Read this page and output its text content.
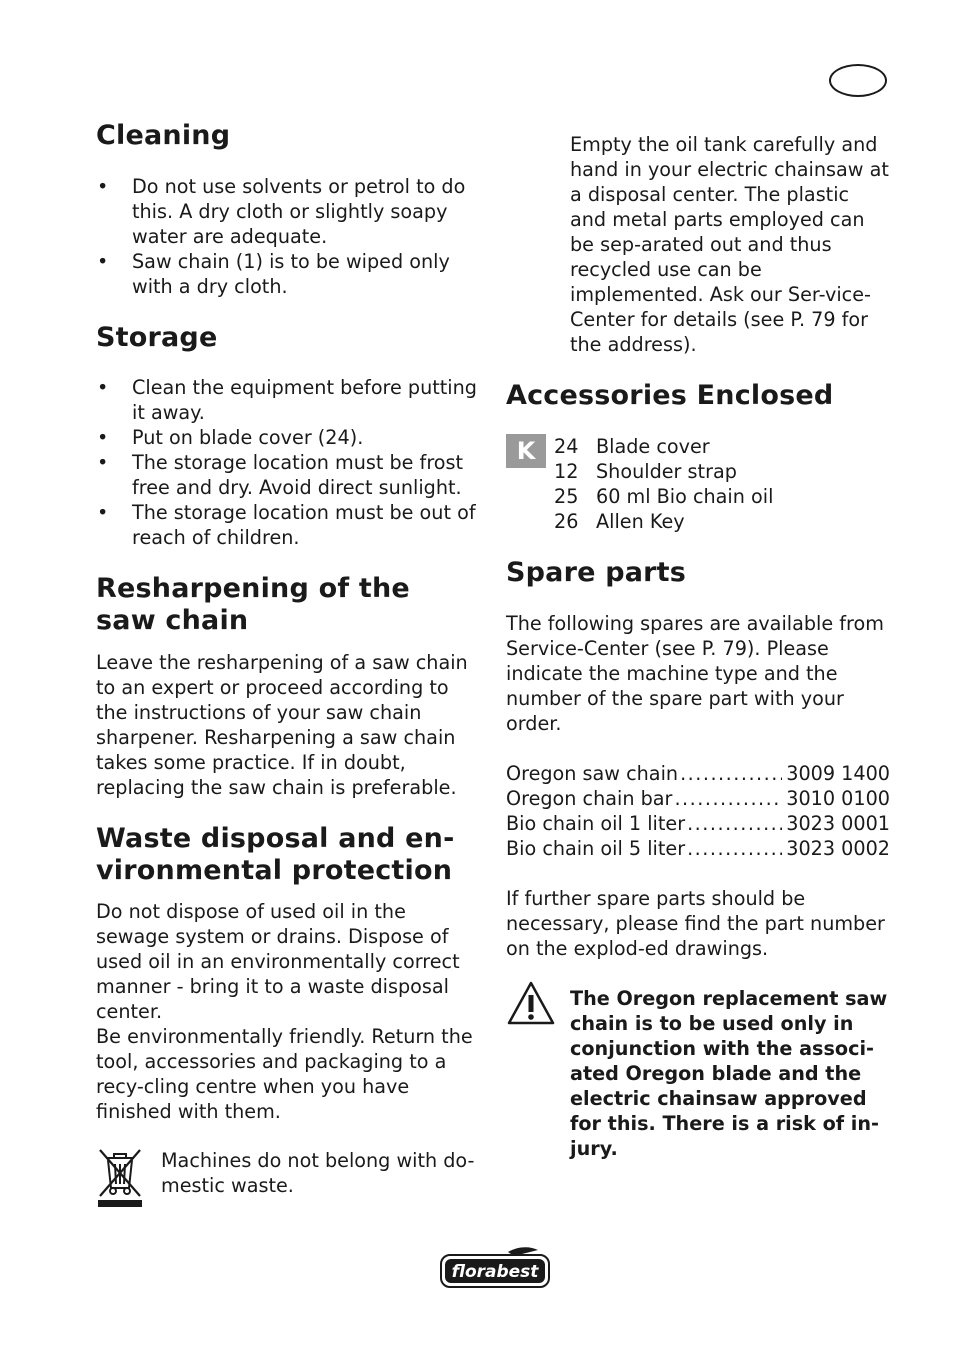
Cleaning
• Do not use solvents or petrol to do this. A dry cloth or slightly soapy water are adequate.
• Saw chain (1) is to be wiped only with a dry cloth.
Storage
• Clean the equipment before putting it away.
• Put on blade cover (24).
• The storage location must be frost free and dry. Avoid direct sunlight.
• The storage location must be out of reach of children.
Resharpening of the saw chain

Leave the resharpening of a saw chain to an expert or proceed according to the instructions of your saw chain sharpener. Resharpening a saw chain takes some practice. If in doubt, replacing the saw chain is preferable.

Waste disposal and en-vironmental protection

Do not dispose of used oil in the sewage system or drains. Dispose of used oil in an environmentally correct manner - bring it to a waste disposal center.

Be environmentally friendly. Return the tool, accessories and packaging to a recy-cling centre when you have finished with them.

Machines do not belong with do-mestic waste.

Empty the oil tank carefully and hand in your electric chainsaw at a disposal center. The plastic and metal parts employed can be sep-arated out and thus recycled use can be implemented. Ask our Ser-vice-Center for details (see P. 79 for the address).

Accessories Enclosed
K 24 Blade cover
12 Shoulder strap
25 60 ml Bio chain oil
26 Allen Key
Spare parts

The following spares are available from Service-Center (see P. 79). Please indicate the machine type and the number of the spare part with your order.

Oregon saw chain .....	3009 1400
Oregon chain bar .....	3010 0100
Bio chain oil 1 liter .....	3023 0001
Bio chain oil 5 liter .....	3023 0002

If further spare parts should be necessary, please find the part number on the explod-ed drawings.

The Oregon replacement saw chain is to be used only in conjunction with the associ-ated Oregon blade and the electric chainsaw approved for this. There is a risk of in-jury.

florabest
